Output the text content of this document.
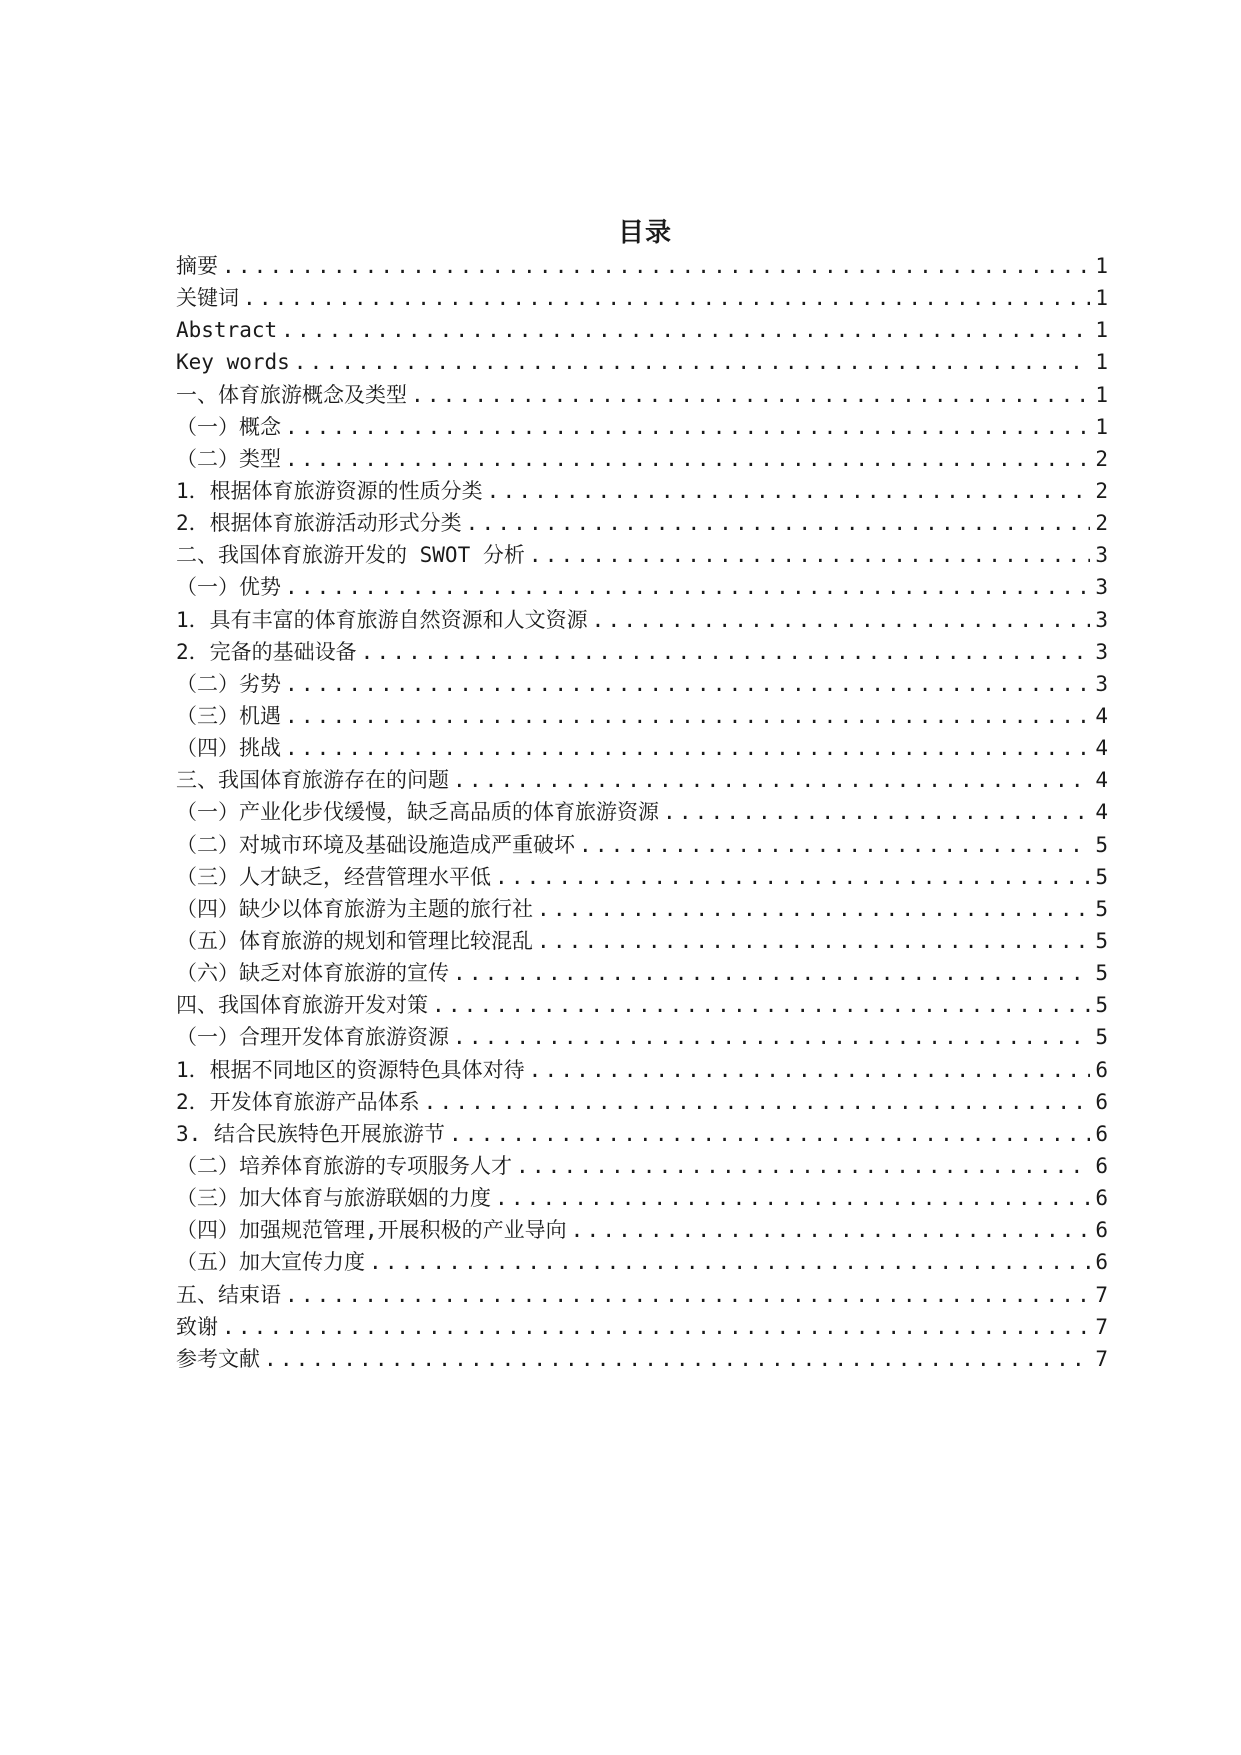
目录
摘要 .....	1
关键词 .....	1
Abstract .....	1
Key words .....	1
一、体育旅游概念及类型 .....	1
（一）概念 .....	1
（二）类型 .....	2
1．根据体育旅游资源的性质分类 .....	2
2．根据体育旅游活动形式分类 .....	2
二、我国体育旅游开发的 SWOT 分析 .....	3
（一）优势 .....	3
1．具有丰富的体育旅游自然资源和人文资源 .....	3
2．完备的基础设备 .....	3
（二）劣势 .....	3
（三）机遇 .....	4
（四）挑战 .....	4
三、我国体育旅游存在的问题 .....	4
（一）产业化步伐缓慢，缺乏高品质的体育旅游资源 .....	4
（二）对城市环境及基础设施造成严重破坏 .....	5
（三）人才缺乏，经营管理水平低 .....	5
（四）缺少以体育旅游为主题的旅行社 .....	5
（五）体育旅游的规划和管理比较混乱 .....	5
（六）缺乏对体育旅游的宣传 .....	5
四、我国体育旅游开发对策 .....	5
（一）合理开发体育旅游资源 .....	5
1．根据不同地区的资源特色具体对待 .....	6
2．开发体育旅游产品体系 .....	6
3. 结合民族特色开展旅游节 .....	6
（二）培养体育旅游的专项服务人才 .....	6
（三）加大体育与旅游联姻的力度 .....	6
（四）加强规范管理,开展积极的产业导向 .....	6
（五）加大宣传力度 .....	6
五、结束语 .....	7
致谢 .....	7
参考文献 .....	7
